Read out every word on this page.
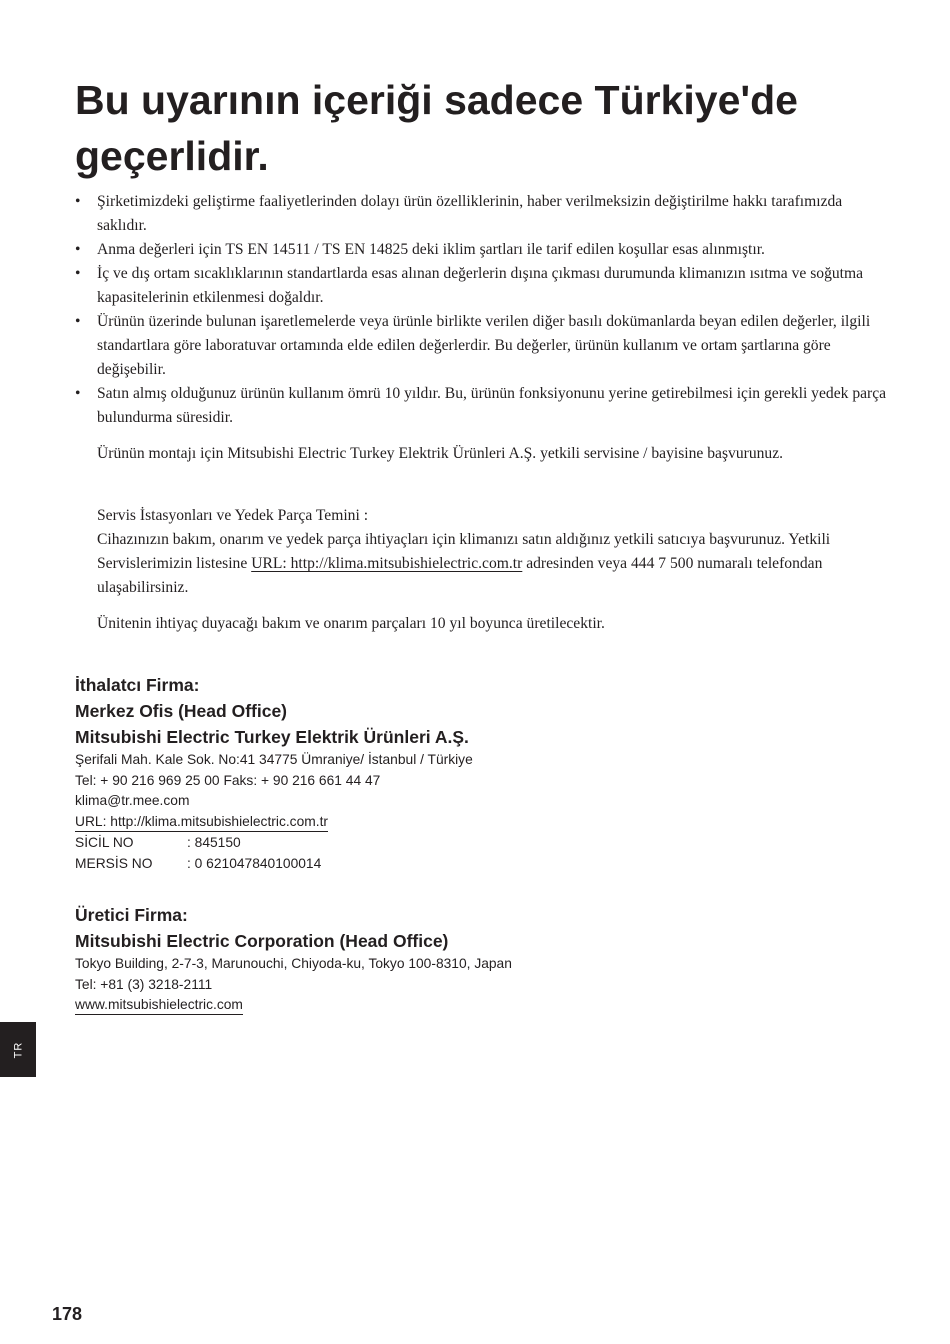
Bu uyarının içeriği sadece Türkiye'de geçerlidir.
• Şirketimizdeki geliştirme faaliyetlerinden dolayı ürün özelliklerinin, haber verilmeksizin değiştirilme hakkı tarafımızda saklıdır.
• Anma değerleri için TS EN 14511 / TS EN 14825 deki iklim şartları ile tarif edilen koşullar esas alınmıştır.
• İç ve dış ortam sıcaklıklarının standartlarda esas alınan değerlerin dışına çıkması durumunda klimanızın ısıtma ve soğutma kapasitelerinin etkilenmesi doğaldır.
• Ürünün üzerinde bulunan işaretlemelerde veya ürünle birlikte verilen diğer basılı dokümanlarda beyan edilen değerler, ilgili standartlara göre laboratuvar ortamında elde edilen değerlerdir. Bu değerler, ürünün kullanım ve ortam şartlarına göre değişebilir.
• Satın almış olduğunuz ürünün kullanım ömrü 10 yıldır. Bu, ürünün fonksiyonunu yerine getirebilmesi için gerekli yedek parça bulundurma süresidir.

Ürünün montajı için Mitsubishi Electric Turkey Elektrik Ürünleri A.Ş. yetkili servisine / bayisine başvurunuz.

Servis İstasyonları ve Yedek Parça Temini :
Cihazınızın bakım, onarım ve yedek parça ihtiyaçları için klimanızı satın aldığınız yetkili satıcıya başvurunuz. Yetkili Servislerimizin listesine URL: http://klima.mitsubishielectric.com.tr adresinden veya 444 7 500 numaralı telefondan ulaşabilirsiniz.

Ünitenin ihtiyaç duyacağı bakım ve onarım parçaları 10 yıl boyunca üretilecektir.

İthalatcı Firma:

Merkez Ofis (Head Office)

Mitsubishi Electric Turkey Elektrik Ürünleri A.Ş.

Şerifali Mah. Kale Sok. No:41 34775 Ümraniye/ İstanbul / Türkiye

Tel: + 90 216 969 25 00 Faks: + 90 216 661 44 47

klima@tr.mee.com

URL: http://klima.mitsubishielectric.com.tr

SİCİL NO	: 845150

MERSİS NO	: 0 621047840100014

Üretici Firma:

Mitsubishi Electric Corporation (Head Office)

Tokyo Building, 2-7-3, Marunouchi, Chiyoda-ku, Tokyo 100-8310, Japan

Tel: +81 (3) 3218-2111

www.mitsubishielectric.com

TR
178
